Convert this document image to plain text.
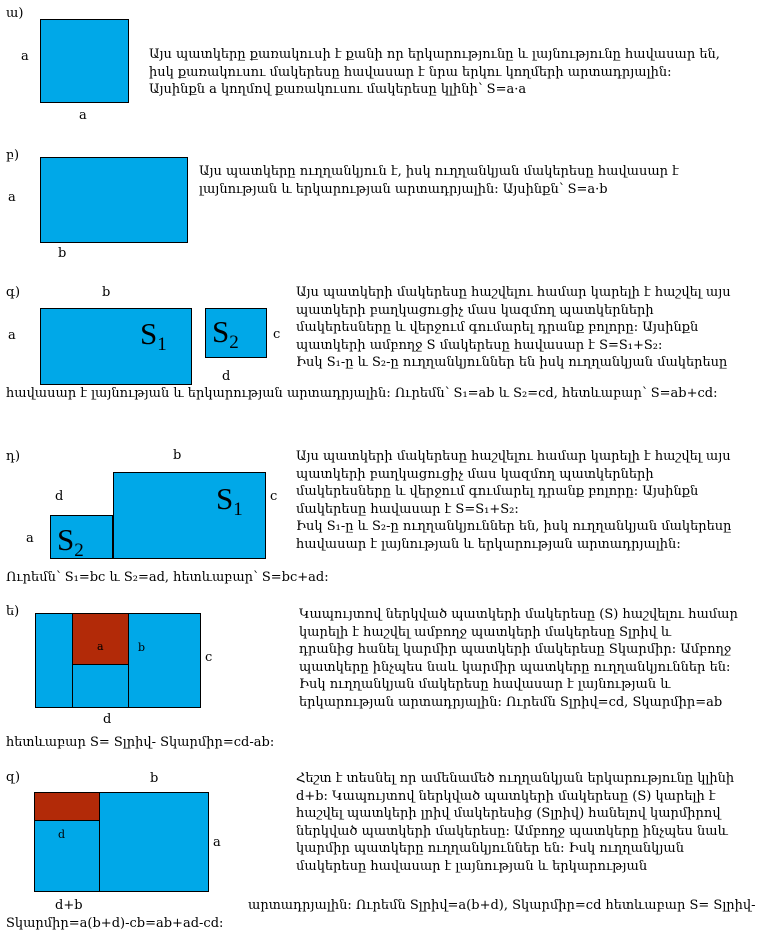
ա)
a
a
Այս պատկերը քառակուսի է քանի որ երկարությունը և լայնությունը հավասար են,
իսկ քառակուսու մակերեսը հավասար է նրա երկու կողմերի արտադրյալին:
Այսինքն a կողմով քառակուսու մակերեսը կլինի՝ S=a·a
բ)
a
b
Այս պատկերը ուղղանկյուն է, իսկ ուղղանկյան մակերեսը հավասար է
լայնության և երկարության արտադրյալին: Այսինքն՝ S=a·b
գ)	b
$S_1$
a	$S_2$	c
d
Այս պատկերի մակերեսը հաշվելու համար կարելի է հաշվել այս
պատկերի բաղկացուցիչ մաս կազմող պատկերների
մակերեսները և վերջում գումարել դրանք բոլորը: Այսինքն
պատկերի ամբողջ S մակերեսը հավասար է S=S₁+S₂:
Իսկ S₁-ը և S₂-ը ուղղանկյուններ են իսկ ուղղանկյան մակերեսը
հավասար է լայնության և երկարության արտադրյալին: Ուրեմն՝ S₁=ab և S₂=cd, հետևաբար՝ S=ab+cd:
դ)	b
$S_1$
c
$S_2$
d
a
Այս պատկերի մակերեսը հաշվելու համար կարելի է հաշվել այս
պատկերի բաղկացուցիչ մաս կազմող պատկերների
մակերեսները և վերջում գումարել դրանք բոլորը: Այսինքն
մակերեսը հավասար է S=S₁+S₂:
Իսկ S₁-ը և S₂-ը ուղղանկյուններ են, իսկ ուղղանկյան մակերեսը
հավասար է լայնության և երկարության արտադրյալին:
Ուրեմն՝ S₁=bc և S₂=ad, հետևաբար՝ S=bc+ad:
ե)
a	b
c
d
Կապույտով ներկված պատկերի մակերեսը (S) հաշվելու համար
կարելի է հաշվել ամբողջ պատկերի մակերեսը Sլրիվ և
դրանից հանել կարմիր պատկերի մակերեսը Sկարմիր: Ամբողջ
պատկերը ինչպես նաև կարմիր պատկերը ուղղանկյուններ են:
Իսկ ուղղանկյան մակերեսը հավասար է լայնության և
երկարության արտադրյալին: Ուրեմն Sլրիվ=cd, Sկարմիր=ab
հետևաբար S= Sլրիվ- Sկարմիր=cd-ab:
զ)	b
d
a
d+b
Հեշտ է տեսնել որ ամենամեծ ուղղանկյան երկարությունը կլինի
d+b: Կապույտով ներկված պատկերի մակերեսը (S) կարելի է
հաշվել պատկերի լրիվ մակերեսից (Sլրիվ) հանելով կարմիրով
ներկված պատկերի մակերեսը: Ամբողջ պատկերը ինչպես նաև
կարմիր պատկերը ուղղանկյուններ են: Իսկ ուղղանկյան
մակերեսը հավասար է լայնության և երկարության
արտադրյալին: Ուրեմն Sլրիվ=a(b+d), Sկարմիր=cd հետևաբար S= Sլրիվ-
Sկարմիր=a(b+d)-cb=ab+ad-cd:
